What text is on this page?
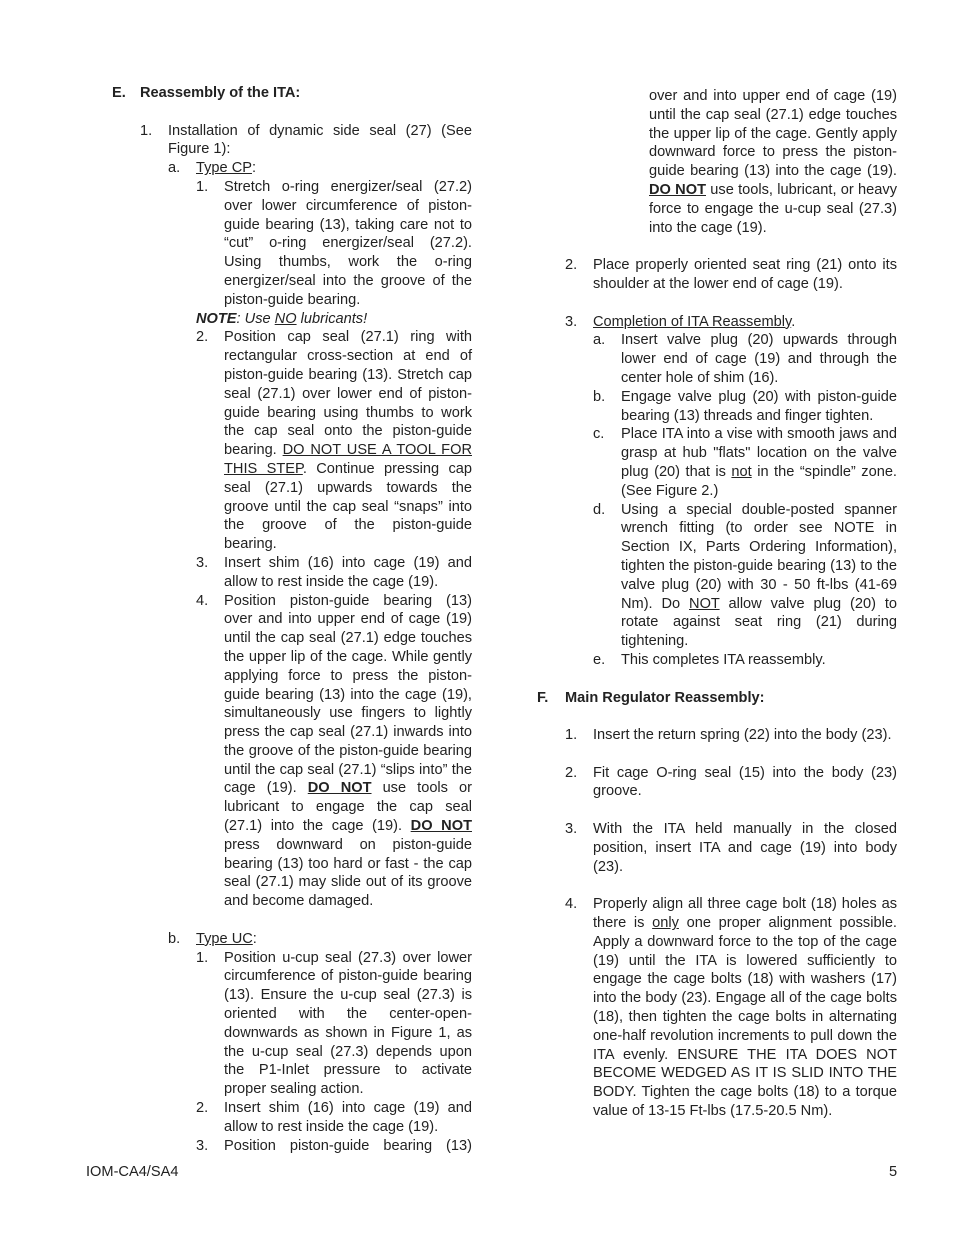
E. Reassembly of the ITA:
1.	Installation of dynamic side seal (27) (See Figure 1):
a.	Type CP:
1.	Stretch o-ring energizer/seal (27.2) over lower circumference of piston-guide bearing (13), taking care not to “cut” o-ring energizer/seal (27.2). Using thumbs, work the o-ring energizer/seal into the groove of the piston-guide bearing.
NOTE: Use NO lubricants!
2.	Position cap seal (27.1) ring with rectangular cross-section at end of piston-guide bearing (13). Stretch cap seal (27.1) over lower end of piston-guide bearing using thumbs to work the cap seal onto the piston-guide bearing. DO NOT USE A TOOL FOR THIS STEP. Continue pressing cap seal (27.1) upwards towards the groove until the cap seal “snaps” into the groove of the piston-guide bearing.
3.	Insert shim (16) into cage (19) and allow to rest inside the cage (19).
4.	Position piston-guide bearing (13) over and into upper end of cage (19) until the cap seal (27.1) edge touches the upper lip of the cage. While gently applying force to press the piston-guide bearing (13) into the cage (19), simultaneously use fingers to lightly press the cap seal (27.1) inwards into the groove of the piston-guide bearing until the cap seal (27.1) “slips into” the cage (19). DO NOT use tools or lubricant to engage the cap seal (27.1) into the cage (19). DO NOT press downward on piston-guide bearing (13) too hard or fast - the cap seal (27.1) may slide out of its groove and become damaged.
b.	Type UC:
1.	Position u-cup seal (27.3) over lower circumference of piston-guide bearing (13). Ensure the u-cup seal (27.3) is oriented with the center-open-downwards as shown in Figure 1, as the u-cup seal (27.3) depends upon the P1-Inlet pressure to activate proper sealing action.
2.	Insert shim (16) into cage (19) and allow to rest inside the cage (19).
3.	Position piston-guide bearing (13)
over and into upper end of cage (19) until the cap seal (27.1) edge touches the upper lip of the cage. Gently apply downward force to press the piston-guide bearing (13) into the cage (19). DO NOT use tools, lubricant, or heavy force to engage the u-cup seal (27.3) into the cage (19).
2.	Place properly oriented seat ring (21) onto its shoulder at the lower end of cage (19).
3.	Completion of ITA Reassembly.
a.	Insert valve plug (20) upwards through lower end of cage (19) and through the center hole of shim (16).
b.	Engage valve plug (20) with piston-guide bearing (13) threads and finger tighten.
c.	Place ITA into a vise with smooth jaws and grasp at hub "flats" location on the valve plug (20) that is not in the “spindle” zone. (See Figure 2.)
d.	Using a special double-posted spanner wrench fitting (to order see NOTE in Section IX, Parts Ordering Information), tighten the piston-guide bearing (13) to the valve plug (20) with 30 - 50 ft-lbs (41-69 Nm). Do NOT allow valve plug (20) to rotate against seat ring (21) during tightening.
e.	This completes ITA reassembly.
F.	Main Regulator Reassembly:
1.	Insert the return spring (22) into the body (23).
2.	Fit cage O-ring seal (15) into the body (23) groove.
3.	With the ITA held manually in the closed position, insert ITA and cage (19) into body (23).
4.	Properly align all three cage bolt (18) holes as there is only one proper alignment possible. Apply a downward force to the top of the cage (19) until the ITA is lowered sufficiently to engage the cage bolts (18) with washers (17) into the body (23). Engage all of the cage bolts (18), then tighten the cage bolts in alternating one-half revolution increments to pull down the ITA evenly. ENSURE THE ITA DOES NOT BECOME WEDGED AS IT IS SLID INTO THE BODY. Tighten the cage bolts (18) to a torque value of 13-15 Ft-lbs (17.5-20.5 Nm).
IOM-CA4/SA4	5
